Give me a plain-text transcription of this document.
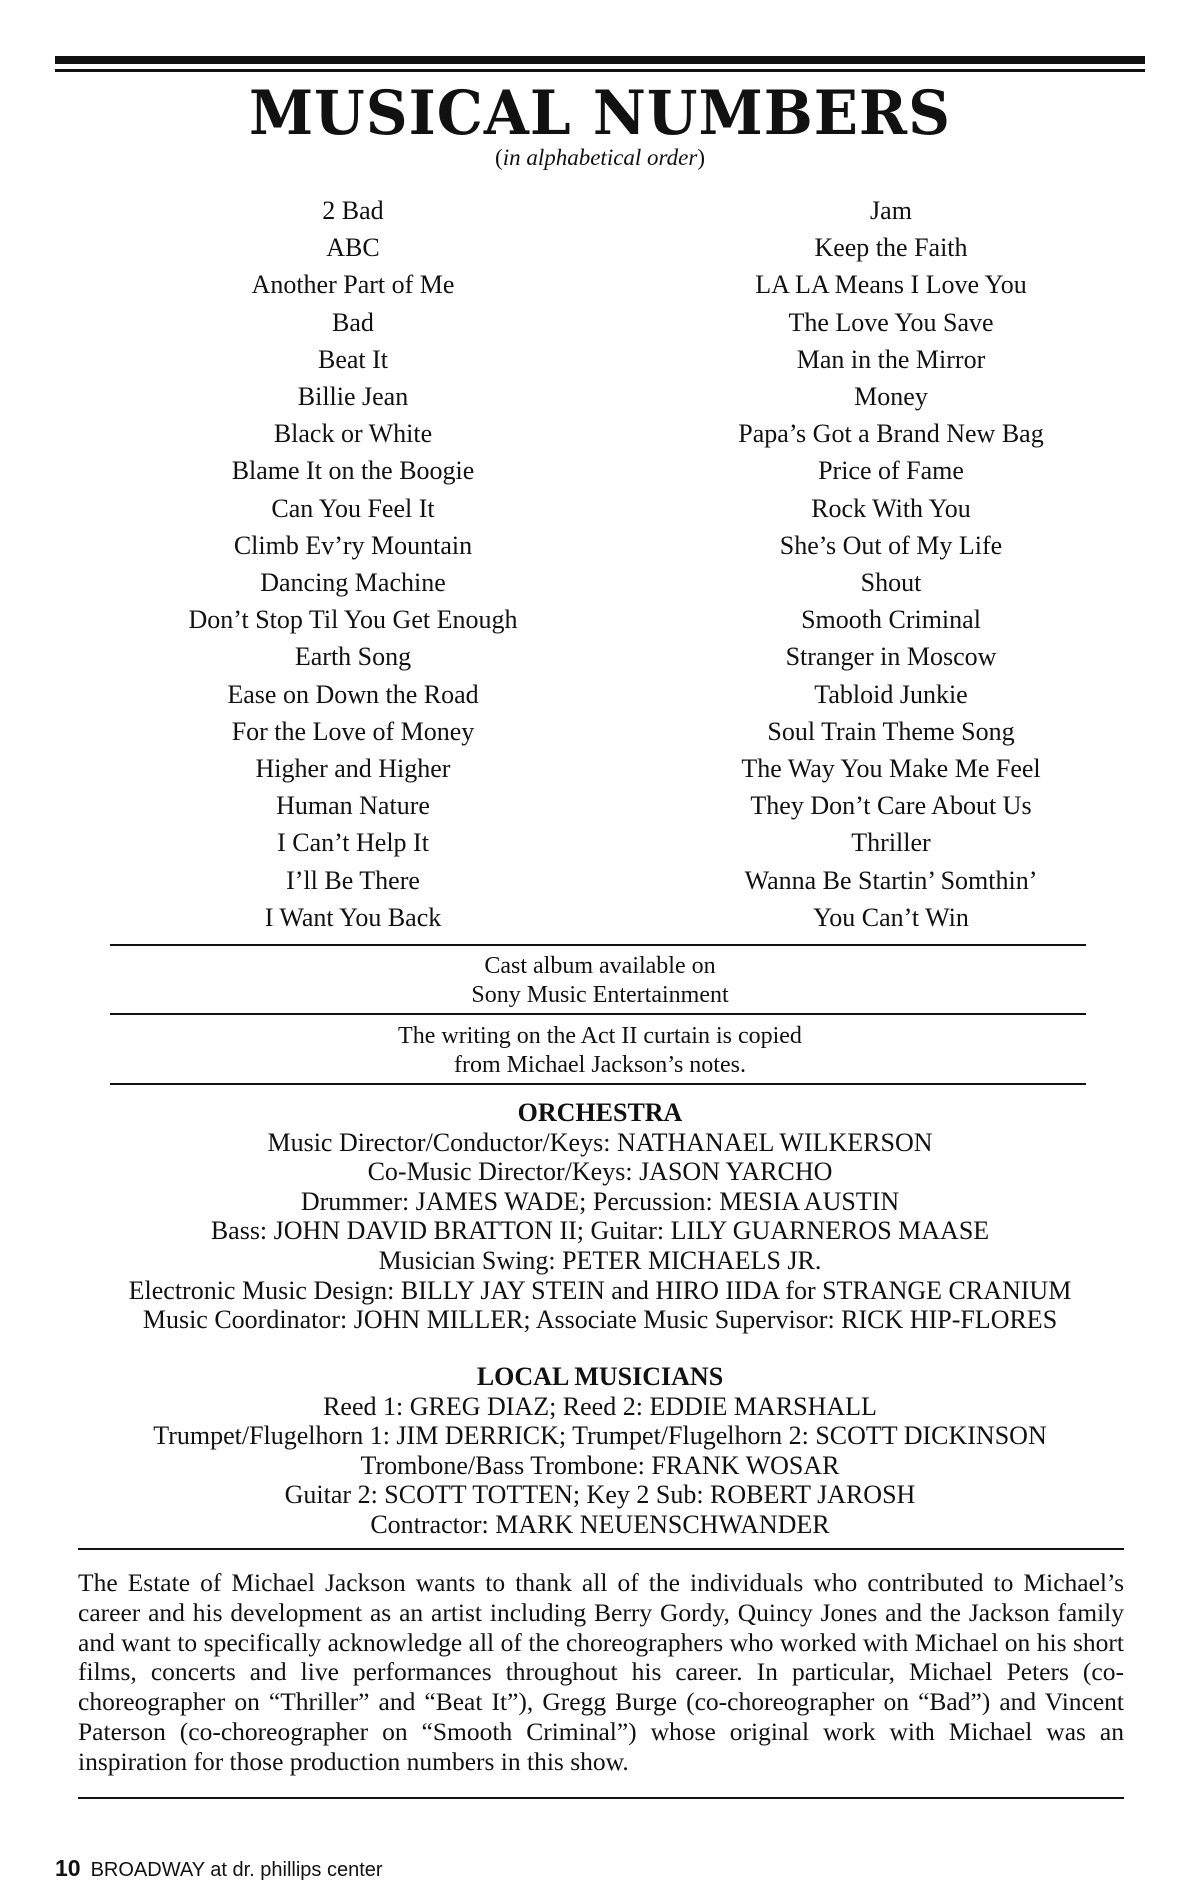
MUSICAL NUMBERS
(in alphabetical order)
2 Bad
ABC
Another Part of Me
Bad
Beat It
Billie Jean
Black or White
Blame It on the Boogie
Can You Feel It
Climb Ev’ry Mountain
Dancing Machine
Don’t Stop Til You Get Enough
Earth Song
Ease on Down the Road
For the Love of Money
Higher and Higher
Human Nature
I Can’t Help It
I’ll Be There
I Want You Back
Jam
Keep the Faith
LA LA Means I Love You
The Love You Save
Man in the Mirror
Money
Papa’s Got a Brand New Bag
Price of Fame
Rock With You
She’s Out of My Life
Shout
Smooth Criminal
Stranger in Moscow
Tabloid Junkie
Soul Train Theme Song
The Way You Make Me Feel
They Don’t Care About Us
Thriller
Wanna Be Startin’ Somthin’
You Can’t Win
Cast album available on
Sony Music Entertainment
The writing on the Act II curtain is copied
from Michael Jackson’s notes.
ORCHESTRA
Music Director/Conductor/Keys: NATHANAEL WILKERSON
Co-Music Director/Keys: JASON YARCHO
Drummer: JAMES WADE; Percussion: MESIA AUSTIN
Bass: JOHN DAVID BRATTON II; Guitar: LILY GUARNEROS MAASE
Musician Swing: PETER MICHAELS JR.
Electronic Music Design: BILLY JAY STEIN and HIRO IIDA for STRANGE CRANIUM
Music Coordinator: JOHN MILLER; Associate Music Supervisor: RICK HIP-FLORES
LOCAL MUSICIANS
Reed 1: GREG DIAZ; Reed 2: EDDIE MARSHALL
Trumpet/Flugelhorn 1: JIM DERRICK; Trumpet/Flugelhorn 2: SCOTT DICKINSON
Trombone/Bass Trombone: FRANK WOSAR
Guitar 2: SCOTT TOTTEN; Key 2 Sub: ROBERT JAROSH
Contractor: MARK NEUENSCHWANDER
The Estate of Michael Jackson wants to thank all of the individuals who contributed to Michael’s career and his development as an artist including Berry Gordy, Quincy Jones and the Jackson family and want to specifically acknowledge all of the choreographers who worked with Michael on his short films, concerts and live performances throughout his career. In particular, Michael Peters (co-choreographer on “Thriller” and “Beat It”), Gregg Burge (co-choreographer on “Bad”) and Vincent Paterson (co-choreographer on “Smooth Criminal”) whose original work with Michael was an inspiration for those production numbers in this show.
10 BROADWAY at dr. phillips center
